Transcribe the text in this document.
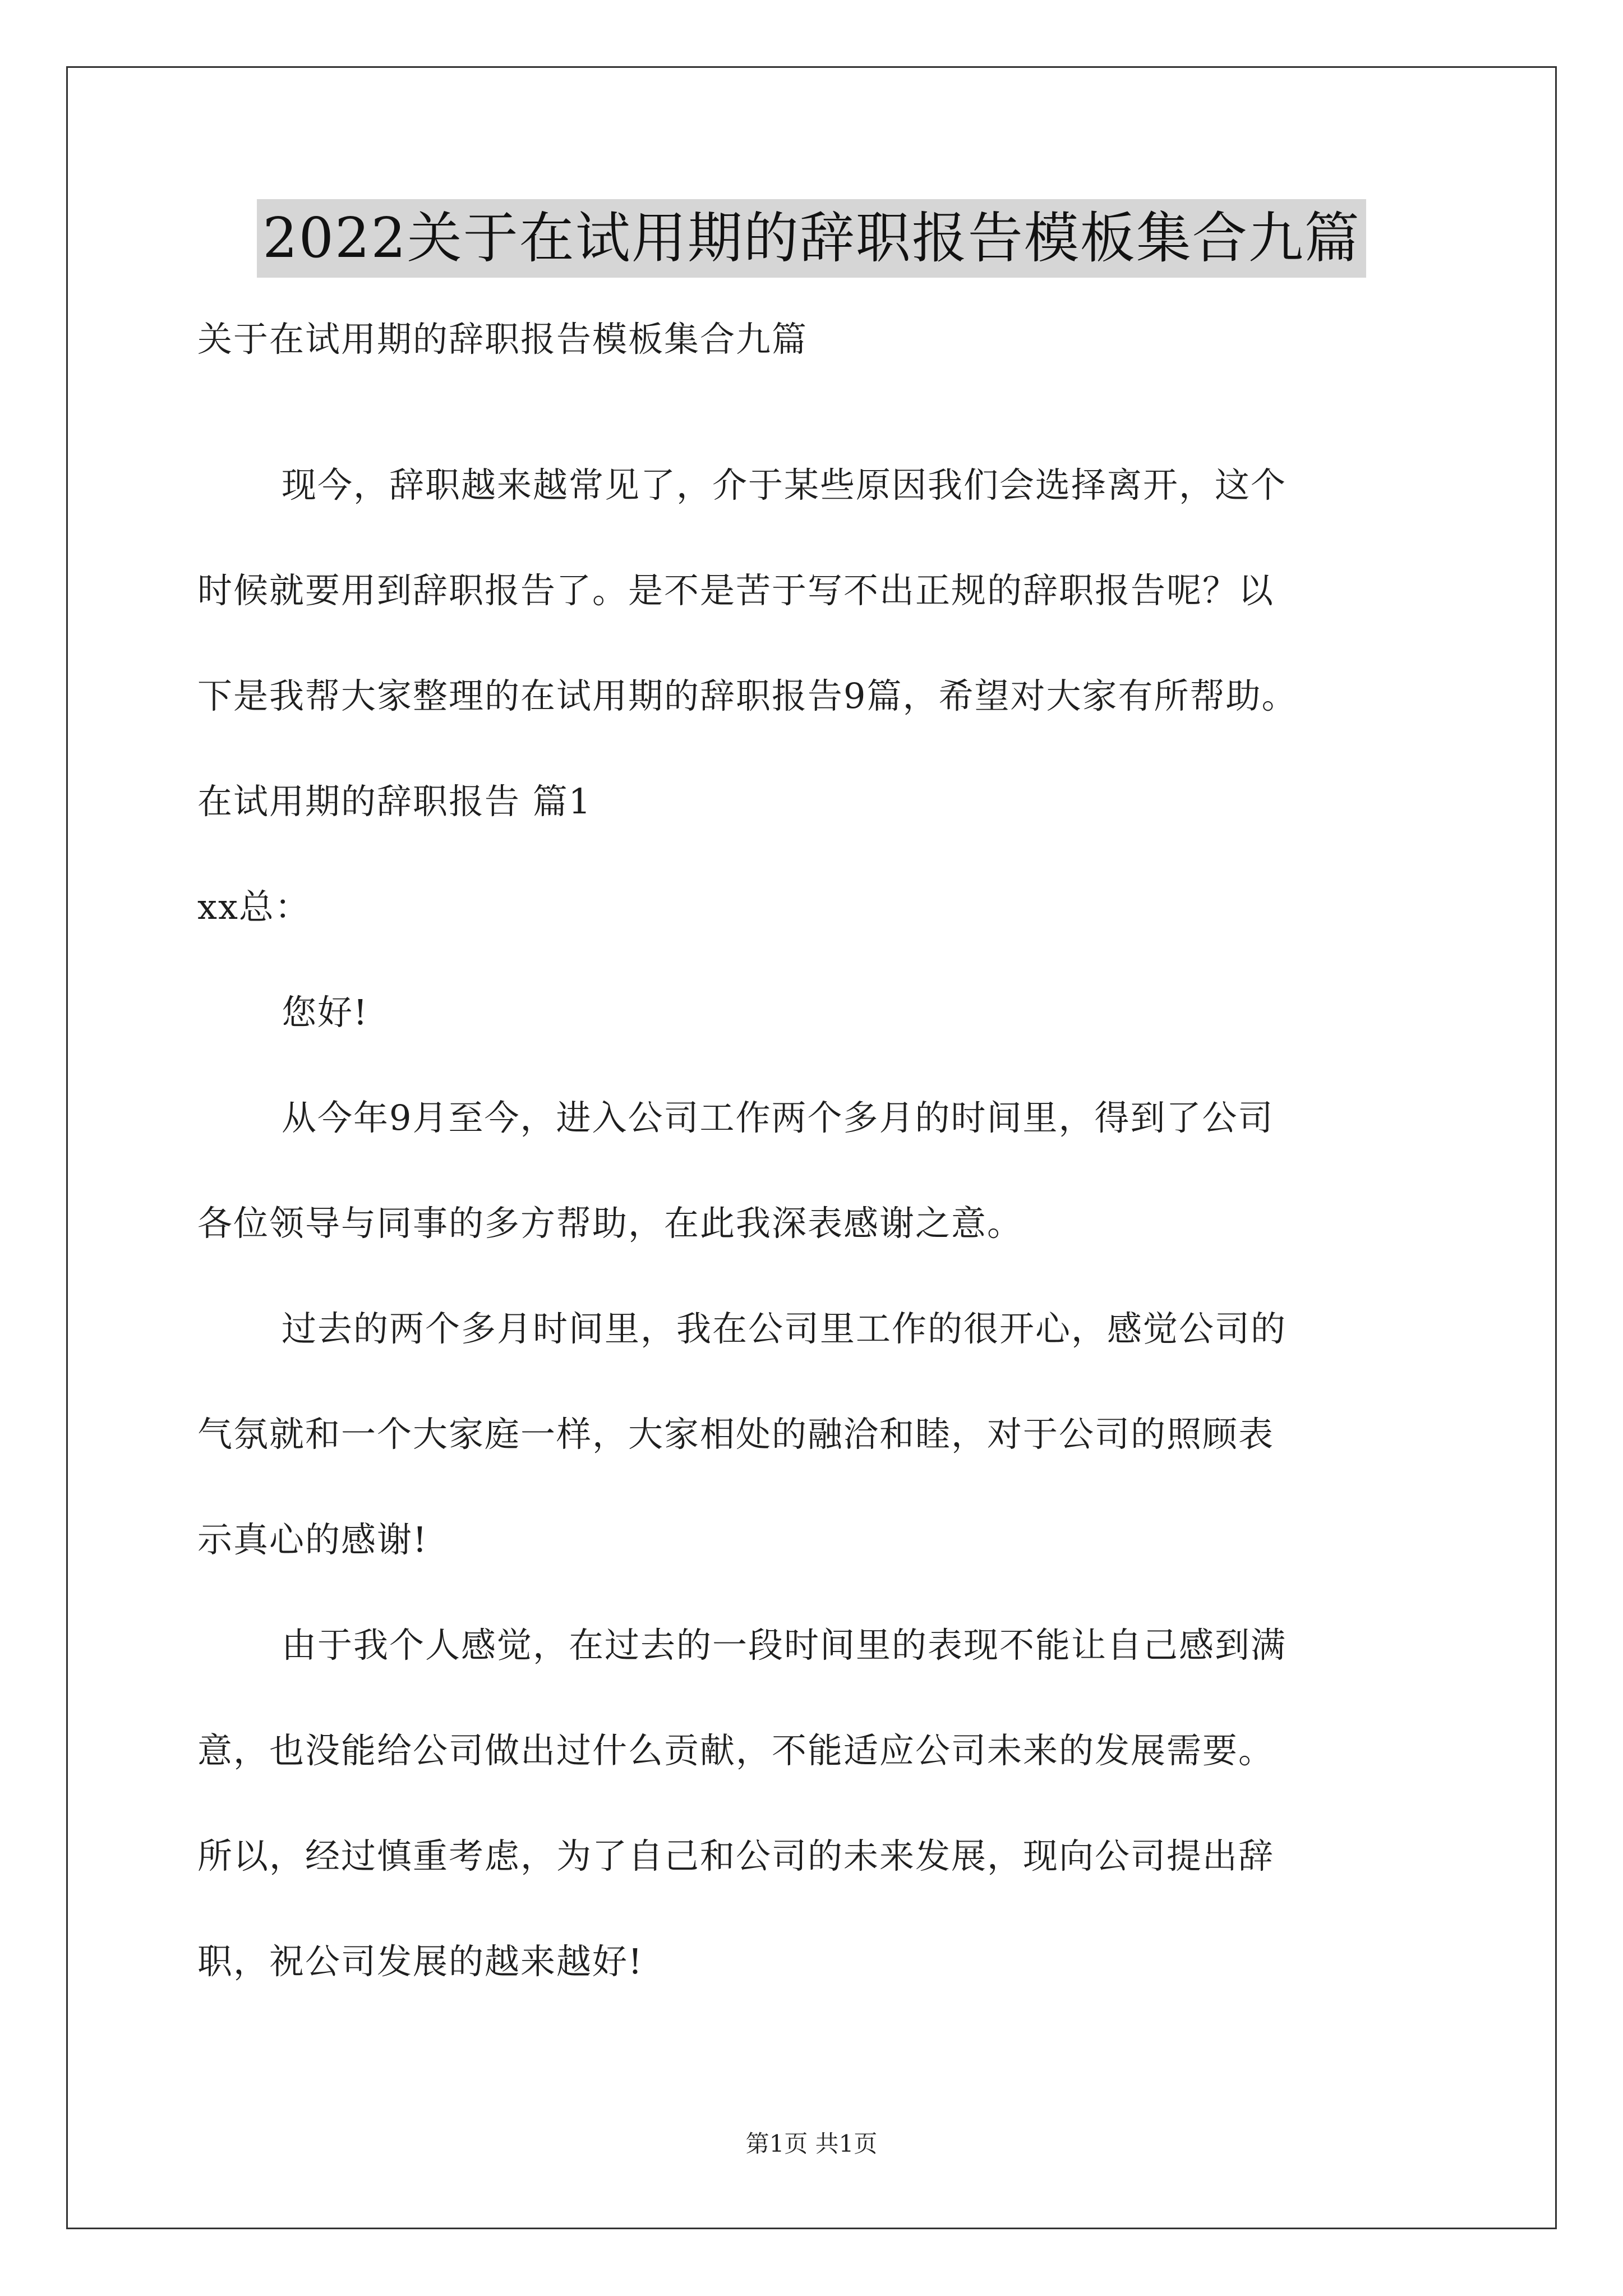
2022关于在试用期的辞职报告模板集合九篇
关于在试用期的辞职报告模板集合九篇
现今，辞职越来越常见了，介于某些原因我们会选择离开，这个
时候就要用到辞职报告了。是不是苦于写不出正规的辞职报告呢？以
下是我帮大家整理的在试用期的辞职报告9篇，希望对大家有所帮助。
在试用期的辞职报告 篇1
xx总：
您好!
从今年9月至今，进入公司工作两个多月的时间里，得到了公司
各位领导与同事的多方帮助，在此我深表感谢之意。
过去的两个多月时间里，我在公司里工作的很开心，感觉公司的
气氛就和一个大家庭一样，大家相处的融洽和睦，对于公司的照顾表
示真心的感谢!
由于我个人感觉，在过去的一段时间里的表现不能让自己感到满
意，也没能给公司做出过什么贡献，不能适应公司未来的发展需要。
所以，经过慎重考虑，为了自己和公司的未来发展，现向公司提出辞
职，祝公司发展的越来越好!
第1页 共1页
